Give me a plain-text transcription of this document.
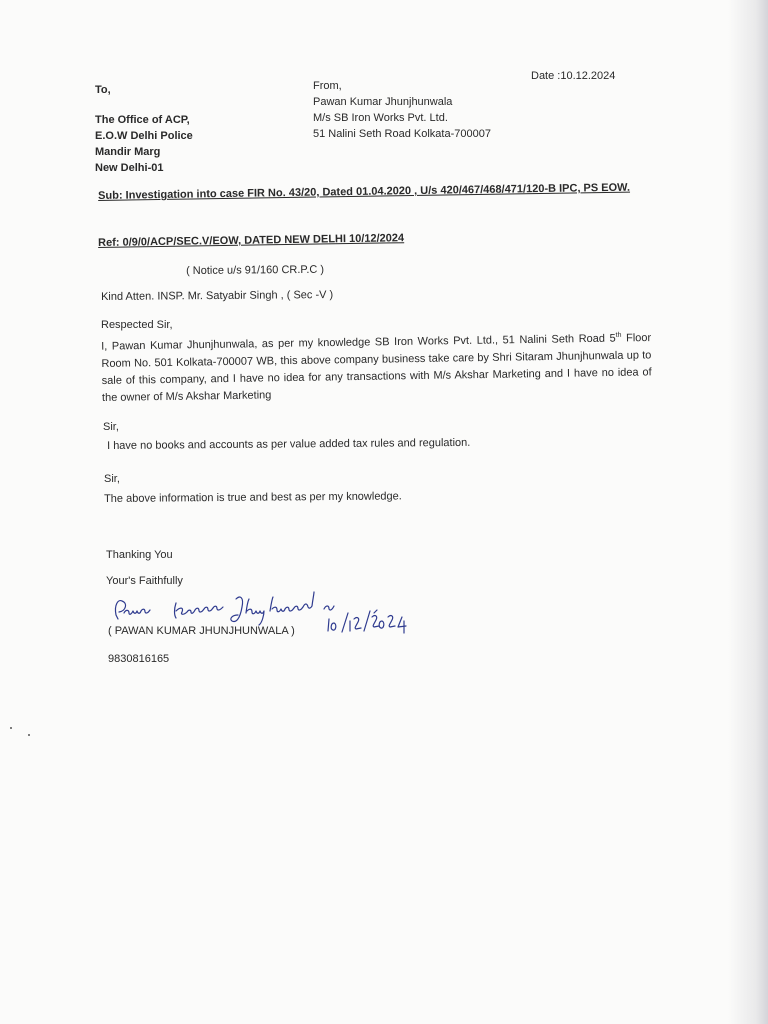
Date :10.12.2024
To,
The Office of ACP,
E.O.W Delhi Police
Mandir Marg
New Delhi-01
From,
Pawan Kumar Jhunjhunwala
M/s SB Iron Works Pvt. Ltd.
51 Nalini Seth Road Kolkata-700007
Sub: Investigation into case FIR No. 43/20, Dated 01.04.2020 , U/s 420/467/468/471/120-B IPC, PS EOW.
Ref: 0/9/0/ACP/SEC.V/EOW, DATED NEW DELHI 10/12/2024
( Notice u/s 91/160 CR.P.C )
Kind Atten. INSP. Mr. Satyabir Singh , ( Sec -V )
Respected Sir,
I, Pawan Kumar Jhunjhunwala, as per my knowledge SB Iron Works Pvt. Ltd., 51 Nalini Seth Road 5th Floor Room No. 501 Kolkata-700007 WB, this above company business take care by Shri Sitaram Jhunjhunwala up to sale of this company, and I have no idea for any transactions with M/s Akshar Marketing and I have no idea of the owner of M/s Akshar Marketing
Sir,
I have no books and accounts as per value added tax rules and regulation.
Sir,
The above information is true and best as per my knowledge.
Thanking You
Your's Faithfully
( PAWAN KUMAR JHUNJHUNWALA )
9830816165
